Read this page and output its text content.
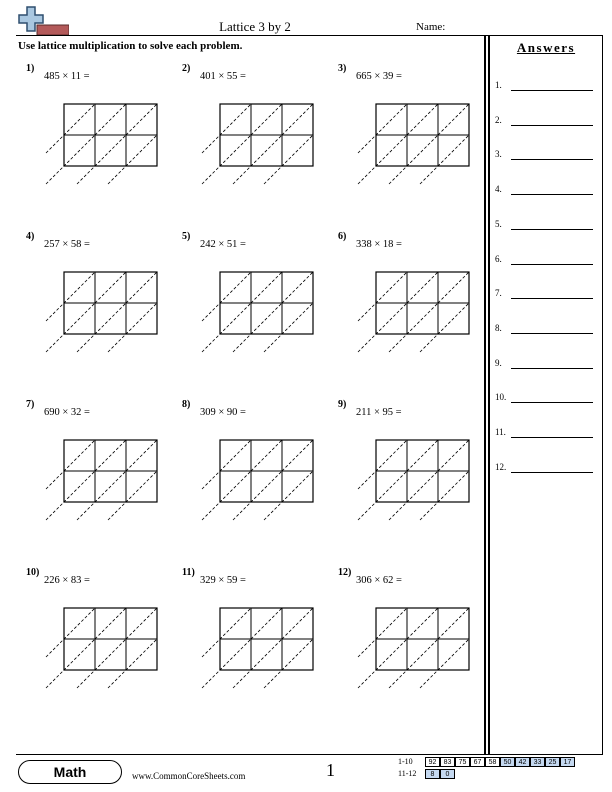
Lattice 3 by 2	Name:
Use lattice multiplication to solve each problem.	Answers
1.
2.
3.
4.
5.
6.
7.
8.
9.
10.
11.
12.
1)
485 × 11 =
2)
401 × 55 =
3)
665 × 39 =
4)
257 × 58 =
5)
242 × 51 =
6)
338 × 18 =
7)
690 × 32 =
8)
309 × 90 =
9)
211 × 95 =
10)
226 × 83 =
11)
329 × 59 =
12)
306 × 62 =
Math	www.CommonCoreSheets.com	1	1-10
11-12
92	83	75	67	58	50	42	33	25	17
8	0
